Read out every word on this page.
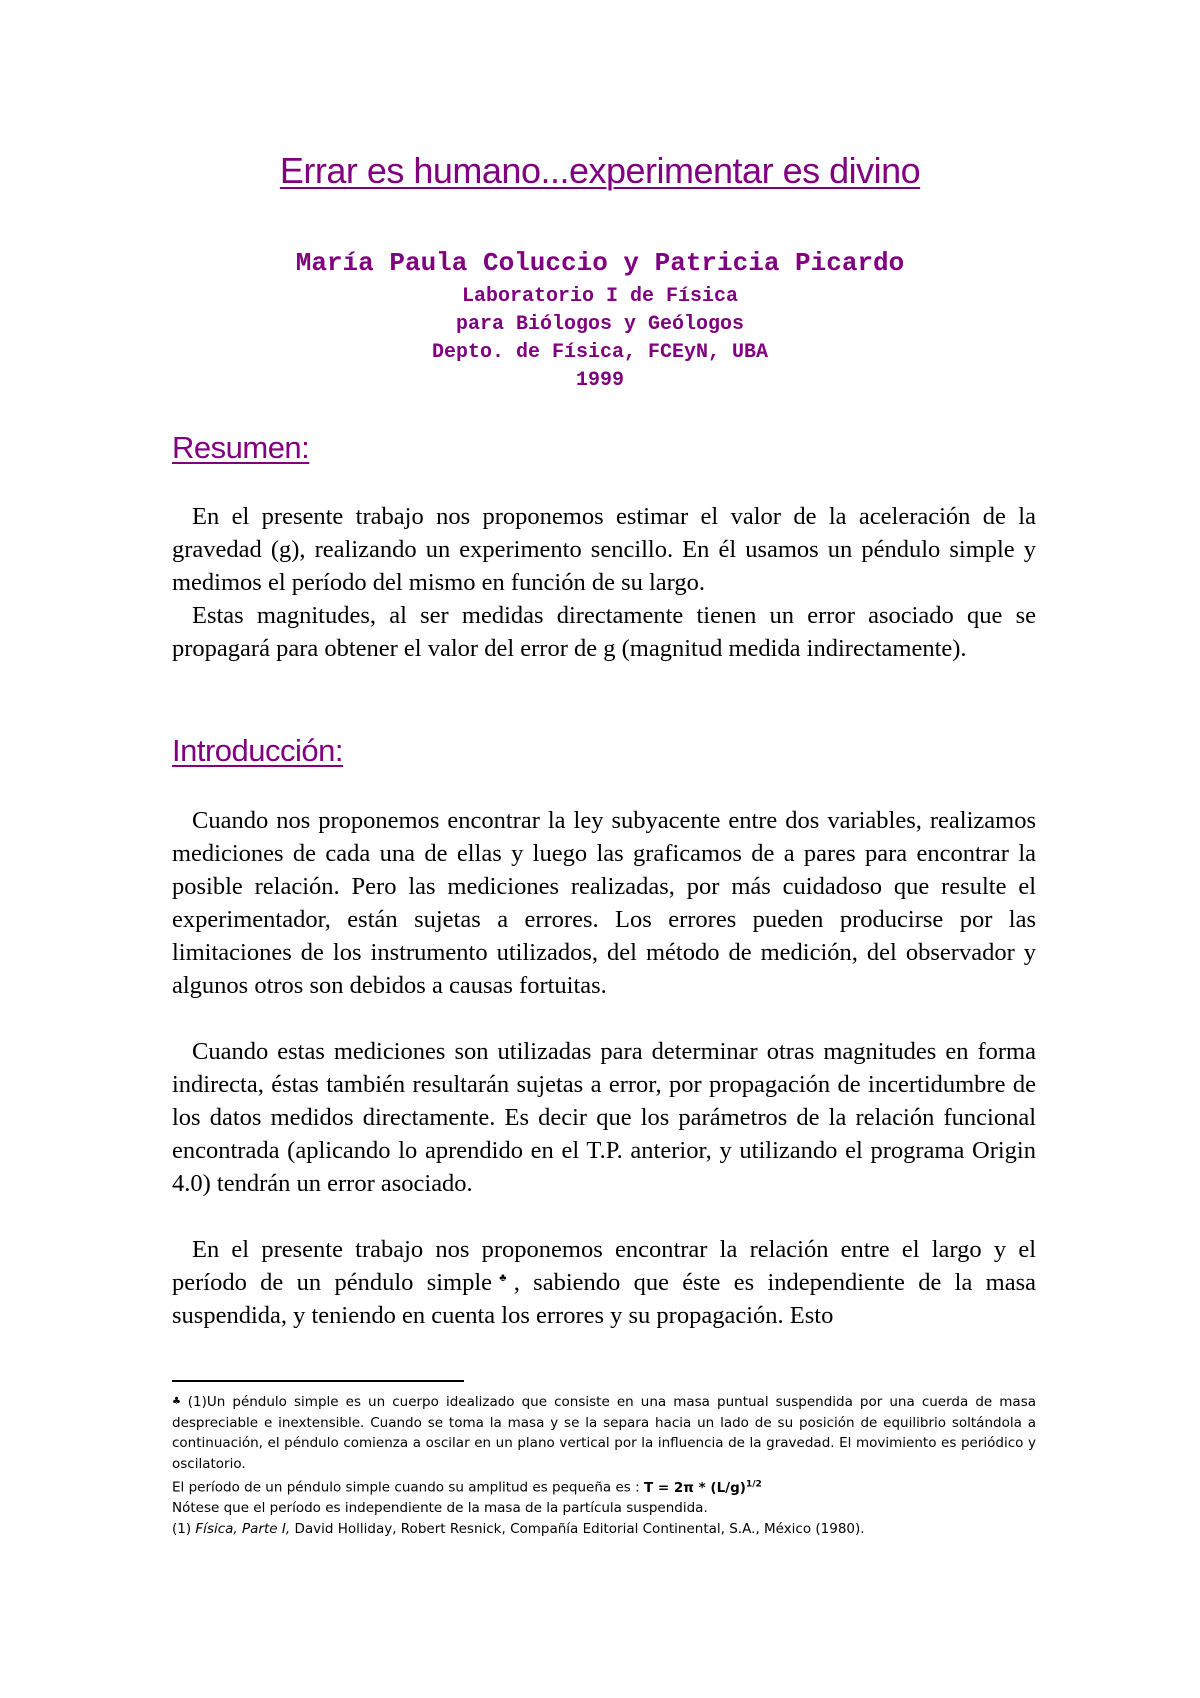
Errar es humano...experimentar es divino
María Paula Coluccio y Patricia Picardo
Laboratorio I de Física
para Biólogos y Geólogos
Depto. de Física, FCEyN, UBA
1999
Resumen:

En el presente trabajo nos proponemos estimar el valor de la aceleración de la gravedad (g), realizando un experimento sencillo. En él usamos un péndulo simple y medimos el período del mismo en función de su largo.

Estas magnitudes, al ser medidas directamente tienen un error asociado que se propagará para obtener el valor del error de g (magnitud medida indirectamente).

Introducción:

Cuando nos proponemos encontrar la ley subyacente entre dos variables, realizamos mediciones de cada una de ellas y luego las graficamos de a pares para encontrar la posible relación. Pero las mediciones realizadas, por más cuidadoso que resulte el experimentador, están sujetas a errores. Los errores pueden producirse por las limitaciones de los instrumento utilizados, del método de medición, del observador y algunos otros son debidos a causas fortuitas.

Cuando estas mediciones son utilizadas para determinar otras magnitudes en forma indirecta, éstas también resultarán sujetas a error, por propagación de incertidumbre de los datos medidos directamente. Es decir que los parámetros de la relación funcional encontrada (aplicando lo aprendido en el T.P. anterior, y utilizando el programa Origin 4.0) tendrán un error asociado.

En el presente trabajo nos proponemos encontrar la relación entre el largo y el período de un péndulo simple♣, sabiendo que éste es independiente de la masa suspendida, y teniendo en cuenta los errores y su propagación. Esto

♣ (1)Un péndulo simple es un cuerpo idealizado que consiste en una masa puntual suspendida por una cuerda de masa despreciable e inextensible. Cuando se toma la masa y se la separa hacia un lado de su posición de equilibrio soltándola a continuación, el péndulo comienza a oscilar en un plano vertical por la influencia de la gravedad. El movimiento es periódico y oscilatorio.
El período de un péndulo simple cuando su amplitud es pequeña es : $T = 2\pi * (L/g)^{1/2}$
Nótese que el período es independiente de la masa de la partícula suspendida.
(1) Física, Parte I, David Holliday, Robert Resnick, Compañía Editorial Continental, S.A., México (1980).
